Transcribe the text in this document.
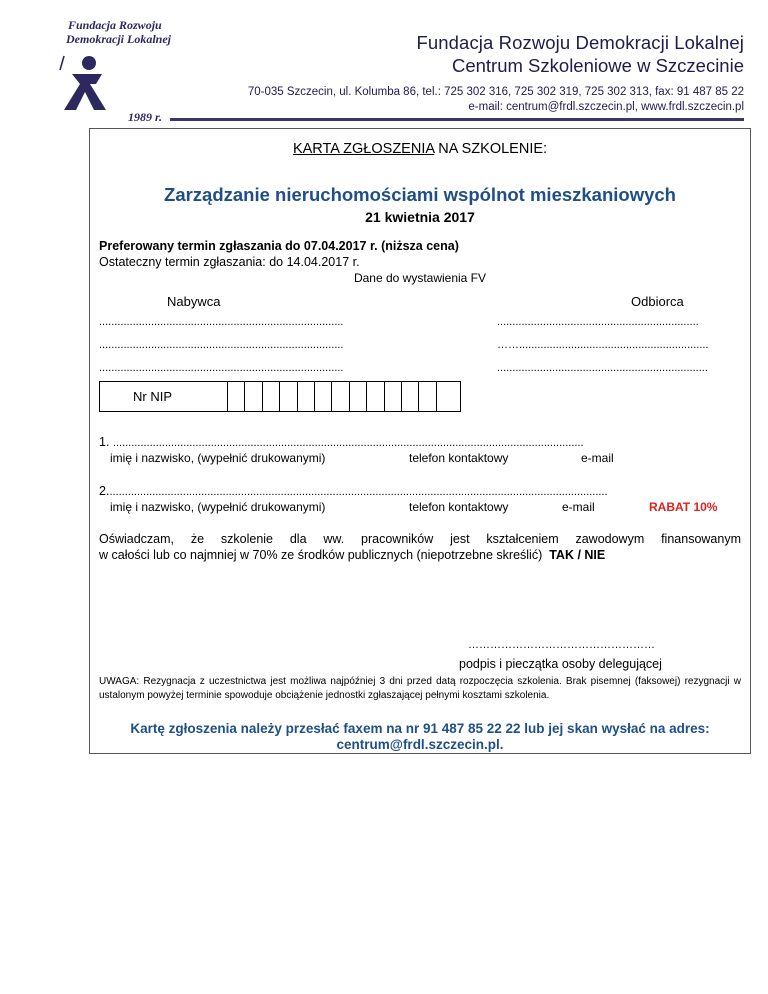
Fundacja Rozwoju
Demokracji Lokalnej
1989 r.
Fundacja Rozwoju Demokracji Lokalnej
Centrum Szkoleniowe w Szczecinie
70-035 Szczecin, ul. Kolumba 86, tel.: 725 302 316, 725 302 319, 725 302 313, fax: 91 487 85 22
e-mail: centrum@frdl.szczecin.pl, www.frdl.szczecin.pl
KARTA ZGŁOSZENIA NA SZKOLENIE:
Zarządzanie nieruchomościami wspólnot mieszkaniowych
21 kwietnia 2017
Preferowany termin zgłaszania do 07.04.2017 r. (niższa cena)
Ostateczny termin zgłaszania: do 14.04.2017 r.
Dane do wystawienia FV
Nabywca	Odbiorca
................................................................................
................................................................................
................................................................................
..................................................................
……..............................................................
.....................................................................
Nr NIP
1. ..........................................................................................................................................................
imię i nazwisko, (wypełnić drukowanymi)	telefon kontaktowy	e-mail
2....................................................................................................................................................................
imię i nazwisko, (wypełnić drukowanymi)	telefon kontaktowy	e-mail	RABAT 10%
Oświadczam, że szkolenie dla ww. pracowników jest kształceniem zawodowym finansowanym
w całości lub co najmniej w 70% ze środków publicznych (niepotrzebne skreślić) TAK / NIE
……………………………………………
podpis i pieczątka osoby delegującej
UWAGA: Rezygnacja z uczestnictwa jest możliwa najpóźniej 3 dni przed datą rozpoczęcia szkolenia. Brak pisemnej (faksowej) rezygnacji w ustalonym powyżej terminie spowoduje obciążenie jednostki zgłaszającej pełnymi kosztami szkolenia.
Kartę zgłoszenia należy przesłać faxem na nr 91 487 85 22 22 lub jej skan wysłać na adres:
centrum@frdl.szczecin.pl.
